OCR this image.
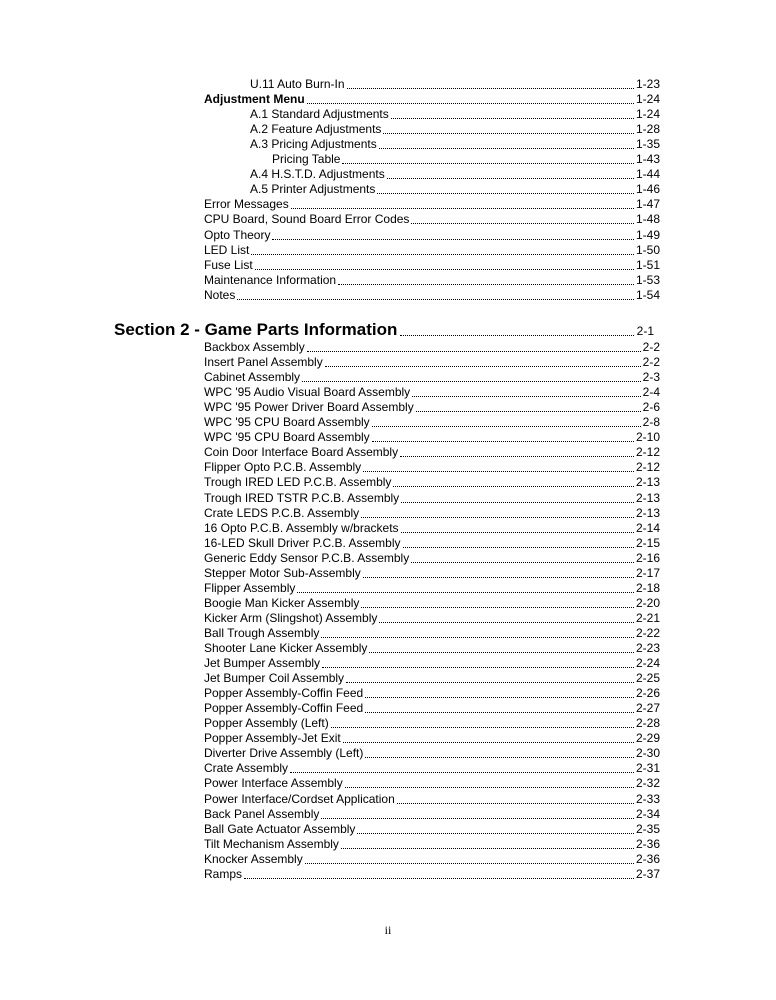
U.11 Auto Burn-In	1-23
Adjustment Menu	1-24
A.1 Standard Adjustments	1-24
A.2 Feature Adjustments	1-28
A.3 Pricing Adjustments	1-35
Pricing Table	1-43
A.4 H.S.T.D. Adjustments	1-44
A.5 Printer Adjustments	1-46
Error Messages	1-47
CPU Board, Sound Board Error Codes	1-48
Opto Theory	1-49
LED List	1-50
Fuse List	1-51
Maintenance Information	1-53
Notes	1-54
Section 2 - Game Parts Information	2-1
Backbox Assembly	2-2
Insert Panel Assembly	2-2
Cabinet Assembly	2-3
WPC '95 Audio Visual Board Assembly	2-4
WPC '95 Power Driver Board Assembly	2-6
WPC '95 CPU Board Assembly	2-8
WPC '95 CPU Board Assembly	2-10
Coin Door Interface Board Assembly	2-12
Flipper Opto P.C.B. Assembly	2-12
Trough IRED LED P.C.B. Assembly	2-13
Trough IRED TSTR P.C.B. Assembly	2-13
Crate LEDS P.C.B. Assembly	2-13
16 Opto P.C.B. Assembly w/brackets	2-14
16-LED Skull Driver P.C.B. Assembly	2-15
Generic Eddy Sensor P.C.B. Assembly	2-16
Stepper Motor Sub-Assembly	2-17
Flipper Assembly	2-18
Boogie Man Kicker Assembly	2-20
Kicker Arm (Slingshot) Assembly	2-21
Ball Trough Assembly	2-22
Shooter Lane Kicker Assembly	2-23
Jet Bumper Assembly	2-24
Jet Bumper Coil Assembly	2-25
Popper Assembly-Coffin Feed	2-26
Popper Assembly-Coffin Feed	2-27
Popper Assembly (Left)	2-28
Popper Assembly-Jet Exit	2-29
Diverter Drive Assembly (Left)	2-30
Crate Assembly	2-31
Power Interface Assembly	2-32
Power Interface/Cordset Application	2-33
Back Panel Assembly	2-34
Ball Gate Actuator Assembly	2-35
Tilt Mechanism Assembly	2-36
Knocker Assembly	2-36
Ramps	2-37
ii
